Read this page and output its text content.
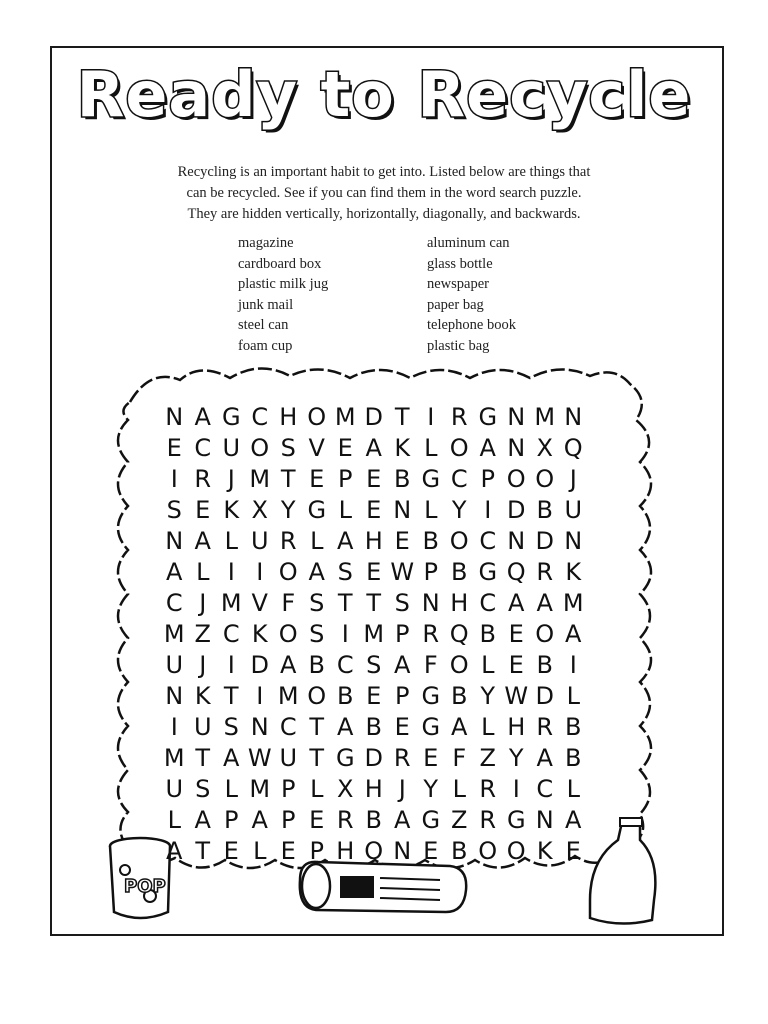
Ready to Recycle
Recycling is an important habit to get into. Listed below are things that
can be recycled. See if you can find them in the word search puzzle.
They are hidden vertically, horizontally, diagonally, and backwards.
magazine
cardboard box
plastic milk jug
junk mail
steel can
foam cup
aluminum can
glass bottle
newspaper
paper bag
telephone book
plastic bag
POP
N A G C H O M D T I R G N M N
E C U O S V E A K L O A N X Q
I R J M T E P E B G C P O O J
S E K X Y G L E N L Y I D B U
N A L U R L A H E B O C N D N
A L I I O A S E W P B G Q R K
C J M V F S T T S N H C A A M
M Z C K O S I M P R Q B E O A
U J I D A B C S A F O L E B I
N K T I M O B E P G B Y W D L
I U S N C T A B E G A L H R B
M T A W U T G D R E F Z Y A B
U S L M P L X H J Y L R I C L
L A P A P E R B A G Z R G N A
A T E L E P H O N E B O O K E
